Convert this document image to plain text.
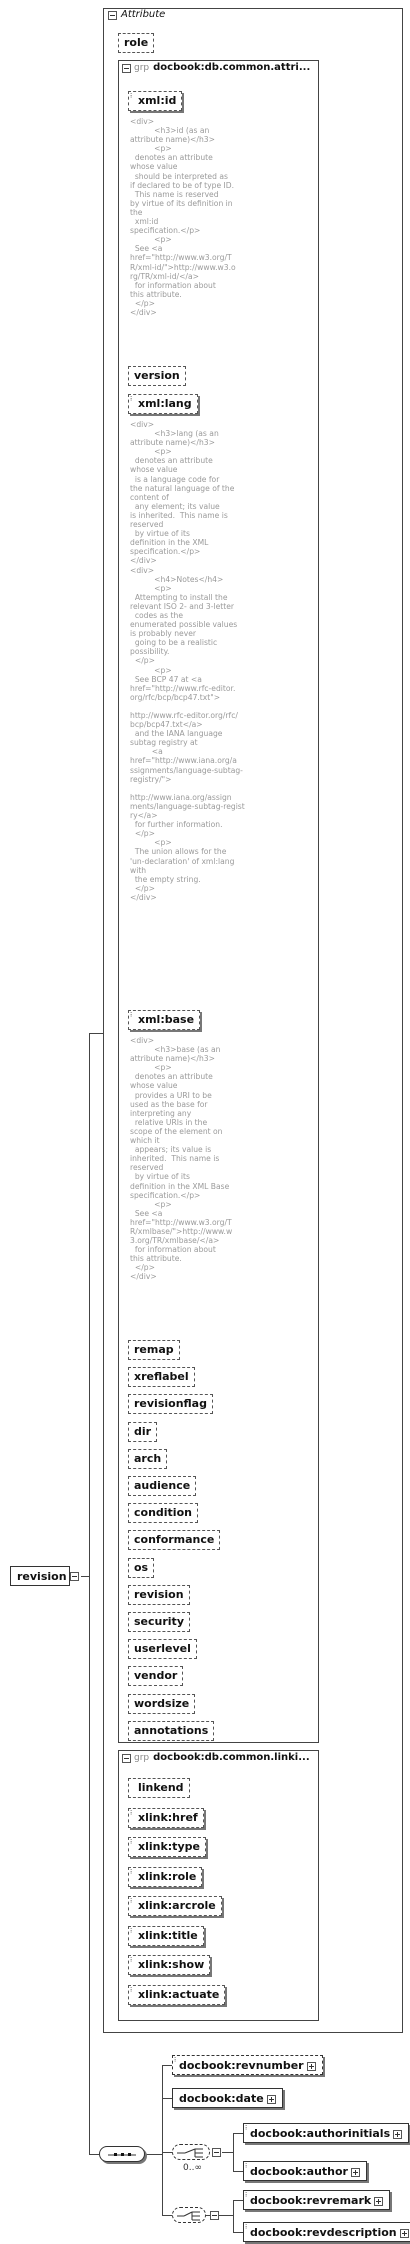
revision
Attribute
role
grp docbook:db.common.attri...
⁝ xml:id
<div>
<h3>id (as an
attribute name)</h3>
<p>
denotes an attribute
whose value
should be interpreted as
if declared to be of type ID.
This name is reserved
by virtue of its definition in
the
xml:id
specification.</p>
<p>
See <a
href="http://www.w3.org/T
R/xml-id/">http://www.w3.o
rg/TR/xml-id/</a>
for information about
this attribute.
</p>
</div>
version
⁝ xml:lang
<div>
<h3>lang (as an
attribute name)</h3>
<p>
denotes an attribute
whose value
is a language code for
the natural language of the
content of
any element; its value
is inherited.  This name is
reserved
by virtue of its
definition in the XML
specification.</p>
</div>
<div>
<h4>Notes</h4>
<p>
Attempting to install the
relevant ISO 2- and 3-letter
codes as the
enumerated possible values
is probably never
going to be a realistic
possibility.
</p>
<p>
See BCP 47 at <a
href="http://www.rfc-editor.
org/rfc/bcp/bcp47.txt">

http://www.rfc-editor.org/rfc/
bcp/bcp47.txt</a>
and the IANA language
subtag registry at
<a
href="http://www.iana.org/a
ssignments/language-subtag-
registry/">

http://www.iana.org/assign
ments/language-subtag-regist
ry</a>
for further information.
</p>
<p>
The union allows for the
'un-declaration' of xml:lang
with
the empty string.
</p>
</div>
⁝ xml:base
<div>
<h3>base (as an
attribute name)</h3>
<p>
denotes an attribute
whose value
provides a URI to be
used as the base for
interpreting any
relative URIs in the
scope of the element on
which it
appears; its value is
inherited.  This name is
reserved
by virtue of its
definition in the XML Base
specification.</p>
<p>
See <a
href="http://www.w3.org/T
R/xmlbase/">http://www.w
3.org/TR/xmlbase/</a>
for information about
this attribute.
</p>
</div>
remap
xreflabel
revisionflag
dir
arch
audience
condition
conformance
os
revision
security
userlevel
vendor
wordsize
annotations
grp docbook:db.common.linki...
linkend
⁝ xlink:href
⁝ xlink:type
⁝ xlink:role
⁝ xlink:arcrole
⁝ xlink:title
⁝ xlink:show
⁝ xlink:actuate
⁝ docbook:revnumber
docbook:date
0..∞
⁝ docbook:authorinitials
⁝ docbook:author
⁝ docbook:revremark
⁝ docbook:revdescription
